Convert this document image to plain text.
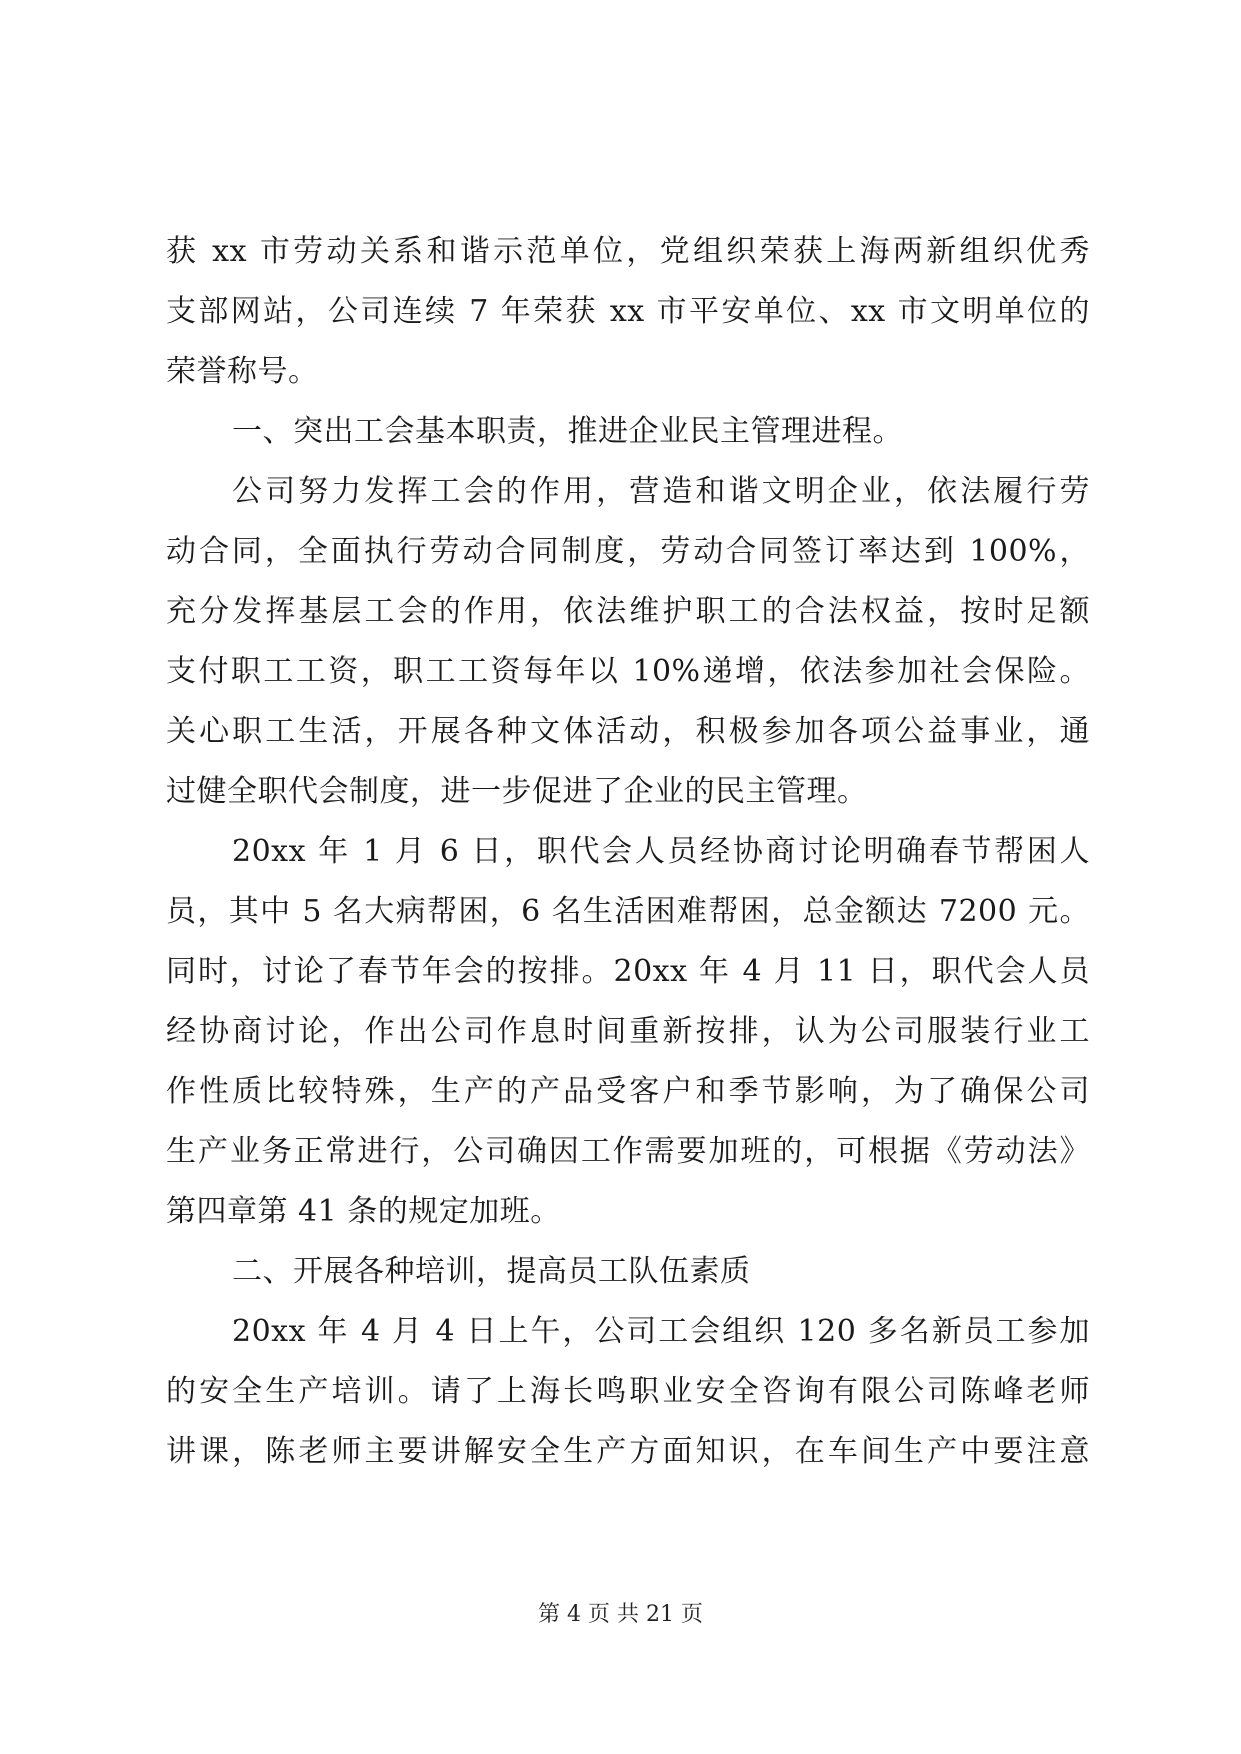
获 xx 市劳动关系和谐示范单位，党组织荣获上海两新组织优秀
支部网站，公司连续 7 年荣获 xx 市平安单位、xx 市文明单位的
荣誉称号。
一、突出工会基本职责，推进企业民主管理进程。
公司努力发挥工会的作用，营造和谐文明企业，依法履行劳
动合同，全面执行劳动合同制度，劳动合同签订率达到 100%，
充分发挥基层工会的作用，依法维护职工的合法权益，按时足额
支付职工工资，职工工资每年以 10%递增，依法参加社会保险。
关心职工生活，开展各种文体活动，积极参加各项公益事业，通
过健全职代会制度，进一步促进了企业的民主管理。
20xx 年 1 月 6 日，职代会人员经协商讨论明确春节帮困人
员，其中 5 名大病帮困，6 名生活困难帮困，总金额达 7200 元。
同时，讨论了春节年会的按排。20xx 年 4 月 11 日，职代会人员
经协商讨论，作出公司作息时间重新按排，认为公司服装行业工
作性质比较特殊，生产的产品受客户和季节影响，为了确保公司
生产业务正常进行，公司确因工作需要加班的，可根据《劳动法》
第四章第 41 条的规定加班。
二、开展各种培训，提高员工队伍素质
20xx 年 4 月 4 日上午，公司工会组织 120 多名新员工参加
的安全生产培训。请了上海长鸣职业安全咨询有限公司陈峰老师
讲课，陈老师主要讲解安全生产方面知识，在车间生产中要注意
第 4 页 共 21 页
